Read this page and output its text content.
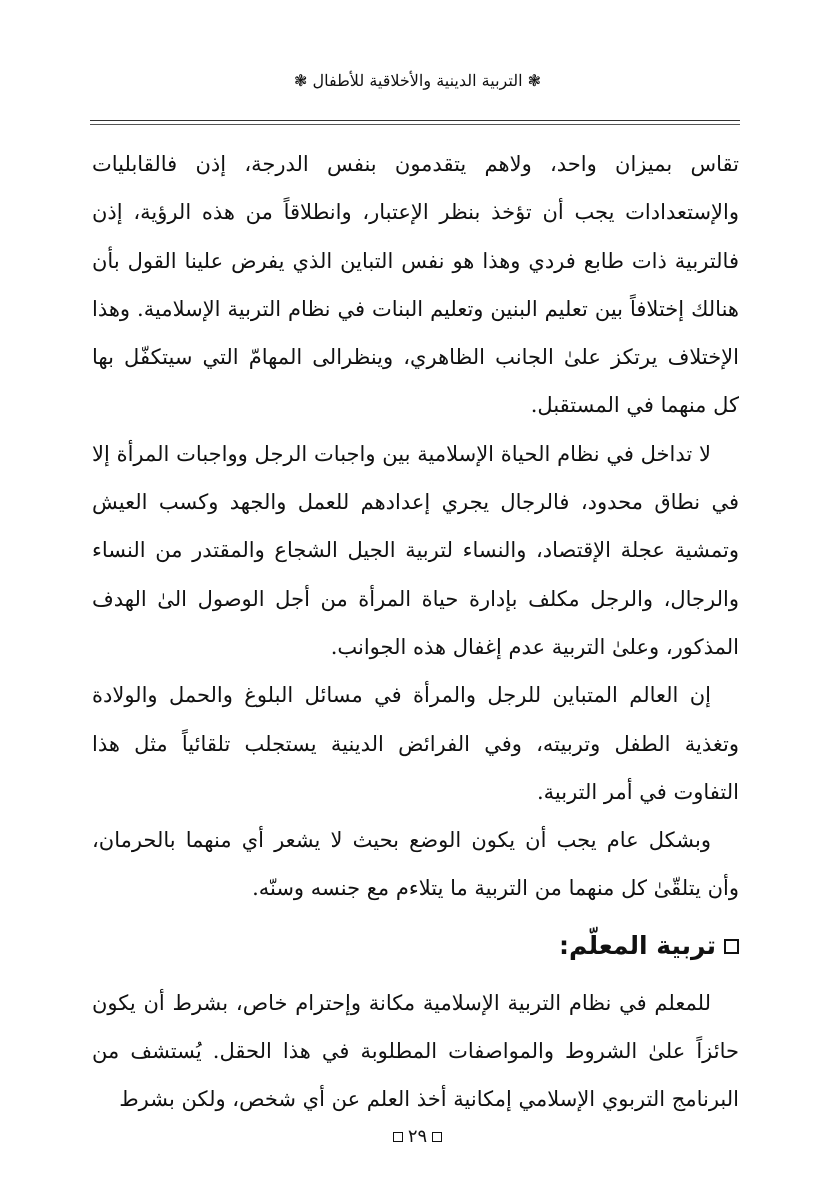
❃ التربية الدينية والأخلاقية للأطفال ❃

تقاس بميزان واحد، ولاهم يتقدمون بنفس الدرجة، إذن فالقابليات والإستعدادات يجب أن تؤخذ بنظر الإعتبار، وانطلاقاً من هذه الرؤية، إذن فالتربية ذات طابع فردي وهذا هو نفس التباين الذي يفرض علينا القول بأن هنالك إختلافاً بين تعليم البنين وتعليم البنات في نظام التربية الإسلامية. وهذا الإختلاف يرتكز علىٰ الجانب الظاهري، وينظرالى المهامّ التي سيتكفّل بها كل منهما في المستقبل.

لا تداخل في نظام الحياة الإسلامية بين واجبات الرجل وواجبات المرأة إلا في نطاق محدود، فالرجال يجري إعدادهم للعمل والجهد وكسب العيش وتمشية عجلة الإقتصاد، والنساء لتربية الجيل الشجاع والمقتدر من النساء والرجال، والرجل مكلف بإدارة حياة المرأة من أجل الوصول الىٰ الهدف المذكور، وعلىٰ التربية عدم إغفال هذه الجوانب.

إن العالم المتباين للرجل والمرأة في مسائل البلوغ والحمل والولادة وتغذية الطفل وتربيته، وفي الفرائض الدينية يستجلب تلقائياً مثل هذا التفاوت في أمر التربية.

وبشكل عام يجب أن يكون الوضع بحيث لا يشعر أي منهما بالحرمان، وأن يتلقّىٰ كل منهما من التربية ما يتلاءم مع جنسه وسنّه.

تربية المعلّم:

للمعلم في نظام التربية الإسلامية مكانة وإحترام خاص، بشرط أن يكون حائزاً علىٰ الشروط والمواصفات المطلوبة في هذا الحقل. يُستشف من البرنامج التربوي الإسلامي إمكانية أخذ العلم عن أي شخص، ولكن بشرط

٢٩
